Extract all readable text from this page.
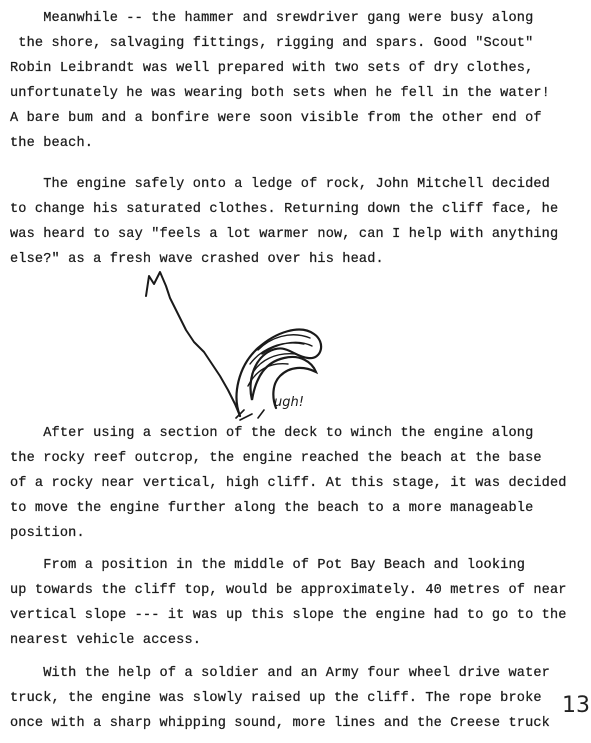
Meanwhile -- the hammer and srewdriver gang were busy along
the shore, salvaging fittings, rigging and spars. Good "Scout"
Robin Leibrandt was well prepared with two sets of dry clothes,
unfortunately he was wearing both sets when he fell in the water!
A bare bum and a bonfire were soon visible from the other end of
the beach.
The engine safely onto a ledge of rock, John Mitchell decided
to change his saturated clothes. Returning down the cliff face, he
was heard to say "feels a lot warmer now, can I help with anything
else?" as a fresh wave crashed over his head.
ugh!
After using a section of the deck to winch the engine along
the rocky reef outcrop, the engine reached the beach at the base
of a rocky near vertical, high cliff. At this stage, it was decided
to move the engine further along the beach to a more manageable
position.
From a position in the middle of Pot Bay Beach and looking
up towards the cliff top, would be approximately. 40 metres of near
vertical slope --- it was up this slope the engine had to go to the
nearest vehicle access.
With the help of a soldier and an Army four wheel drive water
truck, the engine was slowly raised up the cliff. The rope broke
once with a sharp whipping sound, more lines and the Creese truck
13
